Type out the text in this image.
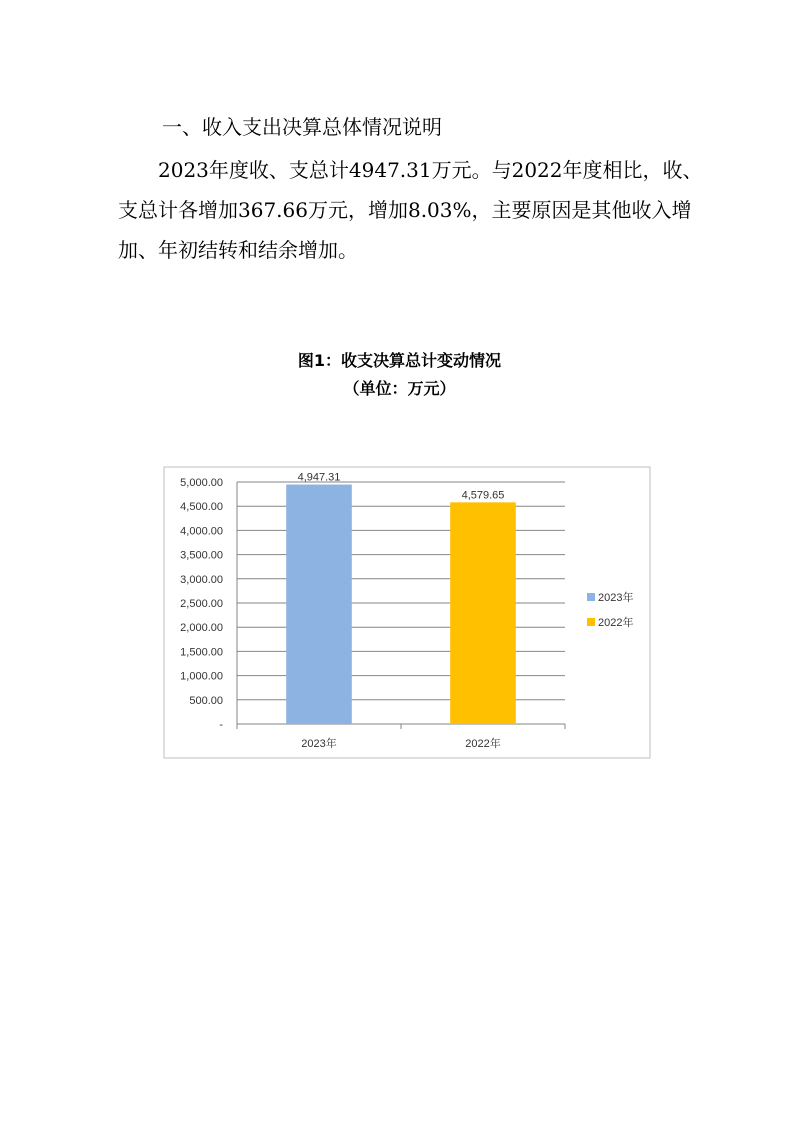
一、收入支出决算总体情况说明

2023年度收、支总计4947.31万元。与2022年度相比，收、支总计各增加367.66万元，增加8.03%，主要原因是其他收入增加、年初结转和结余增加。

图1：收支决算总计变动情况
（单位：万元）
-
500.00
1,000.00
1,500.00
2,000.00
2,500.00
3,000.00
3,500.00
4,000.00
4,500.00
5,000.00	4,947.31
2023年
4,579.65
2022年
2023年
2022年
